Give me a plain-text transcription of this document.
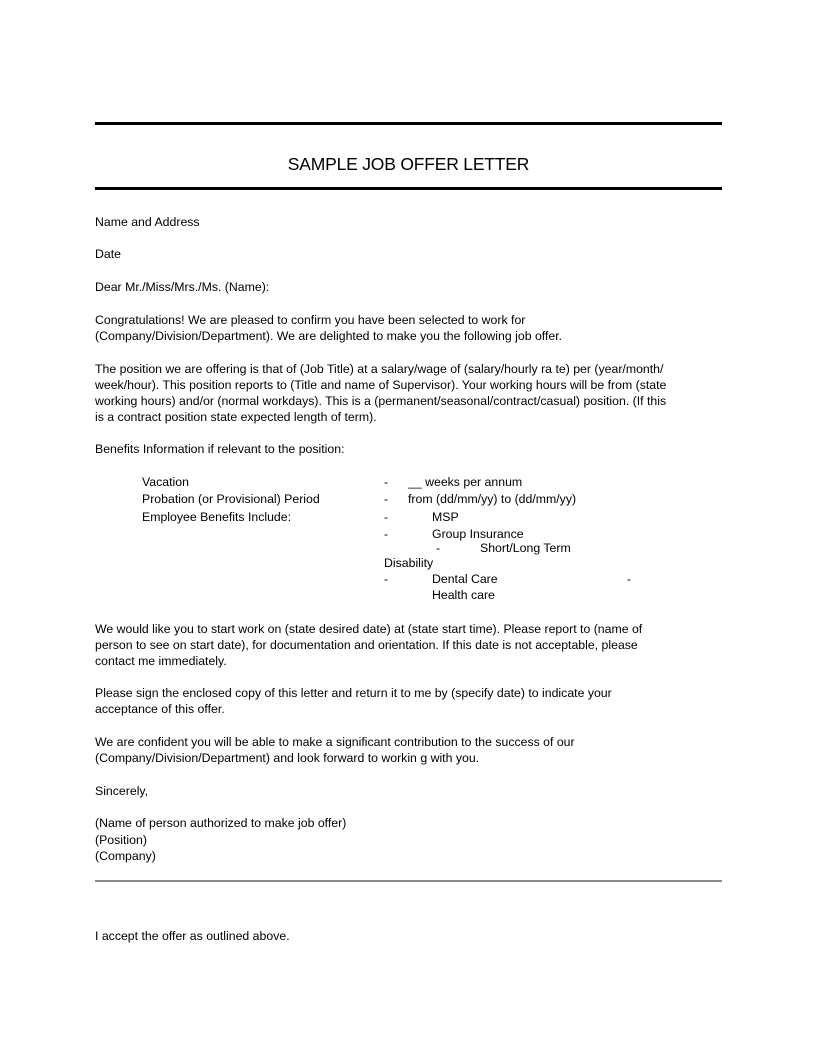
SAMPLE JOB OFFER LETTER
Name and Address
Date
Dear Mr./Miss/Mrs./Ms. (Name):
Congratulations! We are pleased to confirm you have been selected to work for
(Company/Division/Department). We are delighted to make you the following job offer.
The position we are offering is that of (Job Title) at a salary/wage of (salary/hourly ra te) per (year/month/
week/hour). This position reports to (Title and name of Supervisor). Your working hours will be from (state
working hours) and/or (normal workdays). This is a (permanent/seasonal/contract/casual) position. (If this
is a contract position state expected length of term).
Benefits Information if relevant to the position:
Vacation	- __ weeks per annum
Probation (or Provisional) Period	- from (dd/mm/yy) to (dd/mm/yy)
Employee Benefits Include:	-	MSP
-	Group Insurance
-	Short/Long Term
Disability
-	Dental Care	-
Health care
We would like you to start work on (state desired date) at (state start time). Please report to (name of
person to see on start date), for documentation and orientation. If this date is not acceptable, please
contact me immediately.
Please sign the enclosed copy of this letter and return it to me by (specify date) to indicate your
acceptance of this offer.
We are confident you will be able to make a significant contribution to the success of our
(Company/Division/Department) and look forward to workin g with you.
Sincerely,
(Name of person authorized to make job offer)
(Position)
(Company)
I accept the offer as outlined above.
